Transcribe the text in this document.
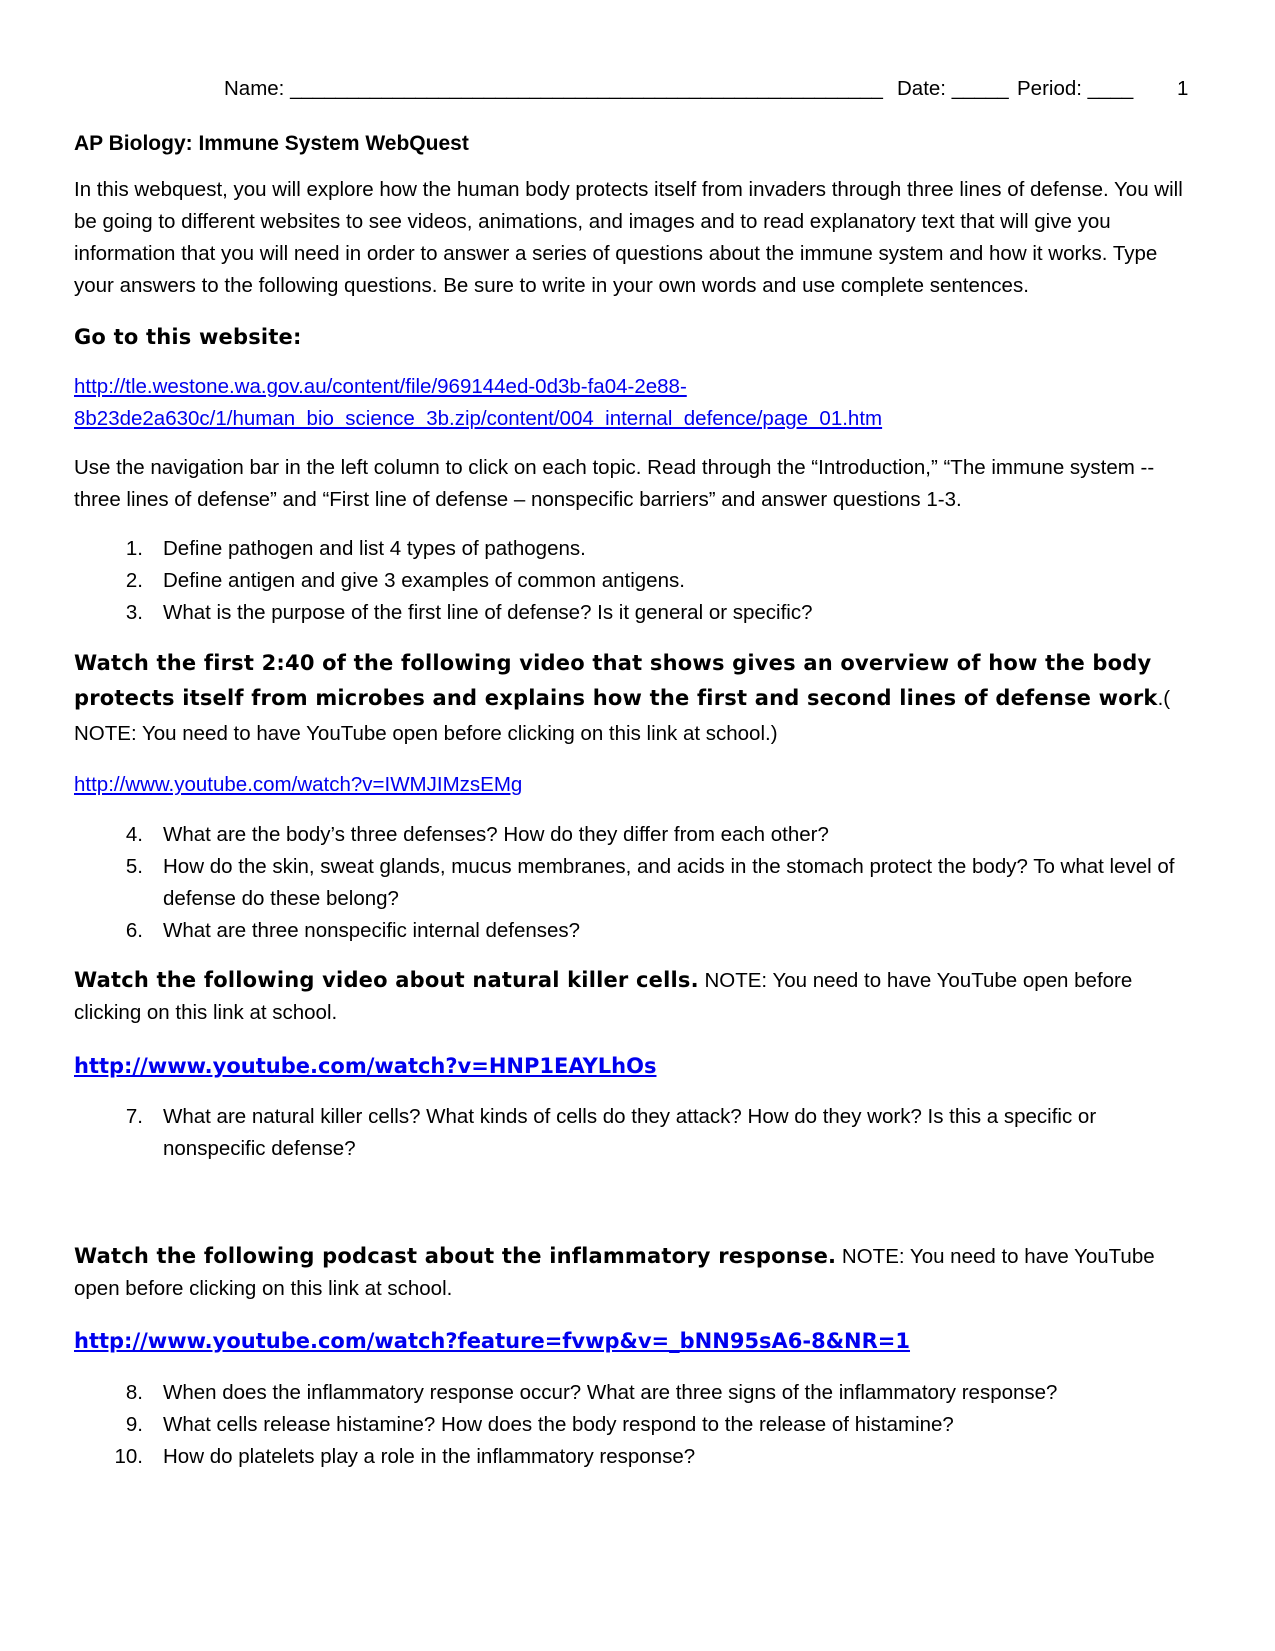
Name: ____________________________________________________ Date: _____ Period: ____ 1
AP Biology: Immune System WebQuest

In this webquest, you will explore how the human body protects itself from invaders through three lines of defense. You will be going to different websites to see videos, animations, and images and to read explanatory text that will give you information that you will need in order to answer a series of questions about the immune system and how it works. Type your answers to the following questions. Be sure to write in your own words and use complete sentences.

Go to this website:
http://tle.westone.wa.gov.au/content/file/969144ed-0d3b-fa04-2e88-
8b23de2a630c/1/human_bio_science_3b.zip/content/004_internal_defence/page_01.htm

Use the navigation bar in the left column to click on each topic. Read through the “Introduction,” “The immune system -- three lines of defense” and “First line of defense – nonspecific barriers” and answer questions 1-3.

1. Define pathogen and list 4 types of pathogens.
2. Define antigen and give 3 examples of common antigens.
3. What is the purpose of the first line of defense? Is it general or specific?

Watch the first 2:40 of the following video that shows gives an overview of how the body protects itself from microbes and explains how the first and second lines of defense work.( NOTE: You need to have YouTube open before clicking on this link at school.)

http://www.youtube.com/watch?v=IWMJIMzsEMg
4. What are the body’s three defenses? How do they differ from each other?
5. How do the skin, sweat glands, mucus membranes, and acids in the stomach protect the body? To what level of defense do these belong?
6. What are three nonspecific internal defenses?

Watch the following video about natural killer cells. NOTE: You need to have YouTube open before clicking on this link at school.

http://www.youtube.com/watch?v=HNP1EAYLhOs
7. What are natural killer cells? What kinds of cells do they attack? How do they work? Is this a specific or nonspecific defense?

Watch the following podcast about the inflammatory response. NOTE: You need to have YouTube open before clicking on this link at school.

http://www.youtube.com/watch?feature=fvwp&v=_bNN95sA6-8&NR=1
8. When does the inflammatory response occur? What are three signs of the inflammatory response?
9. What cells release histamine? How does the body respond to the release of histamine?
10. How do platelets play a role in the inflammatory response?
